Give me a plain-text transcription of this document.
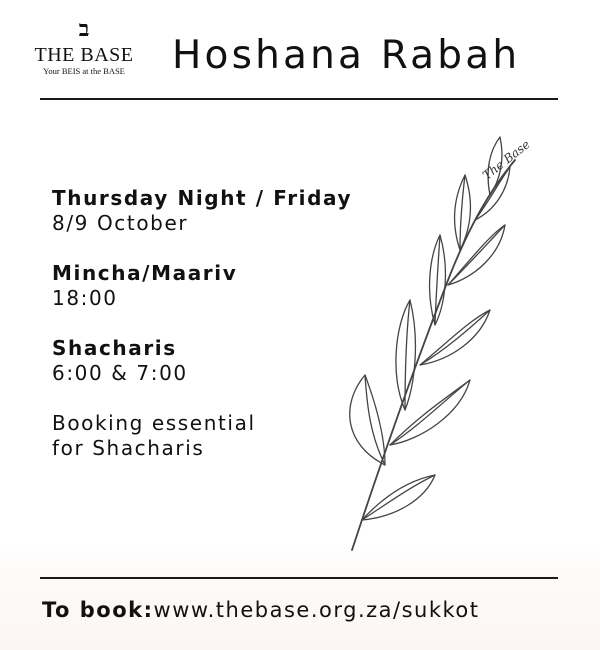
ב
THE BASE
Your BEIS at the BASE	Hoshana Rabah
Thursday Night / Friday
8/9 October
Mincha/Maariv
18:00
Shacharis
6:00 & 7:00
Booking essential
for Shacharis
The Base
To book:www.thebase.org.za/sukkot
